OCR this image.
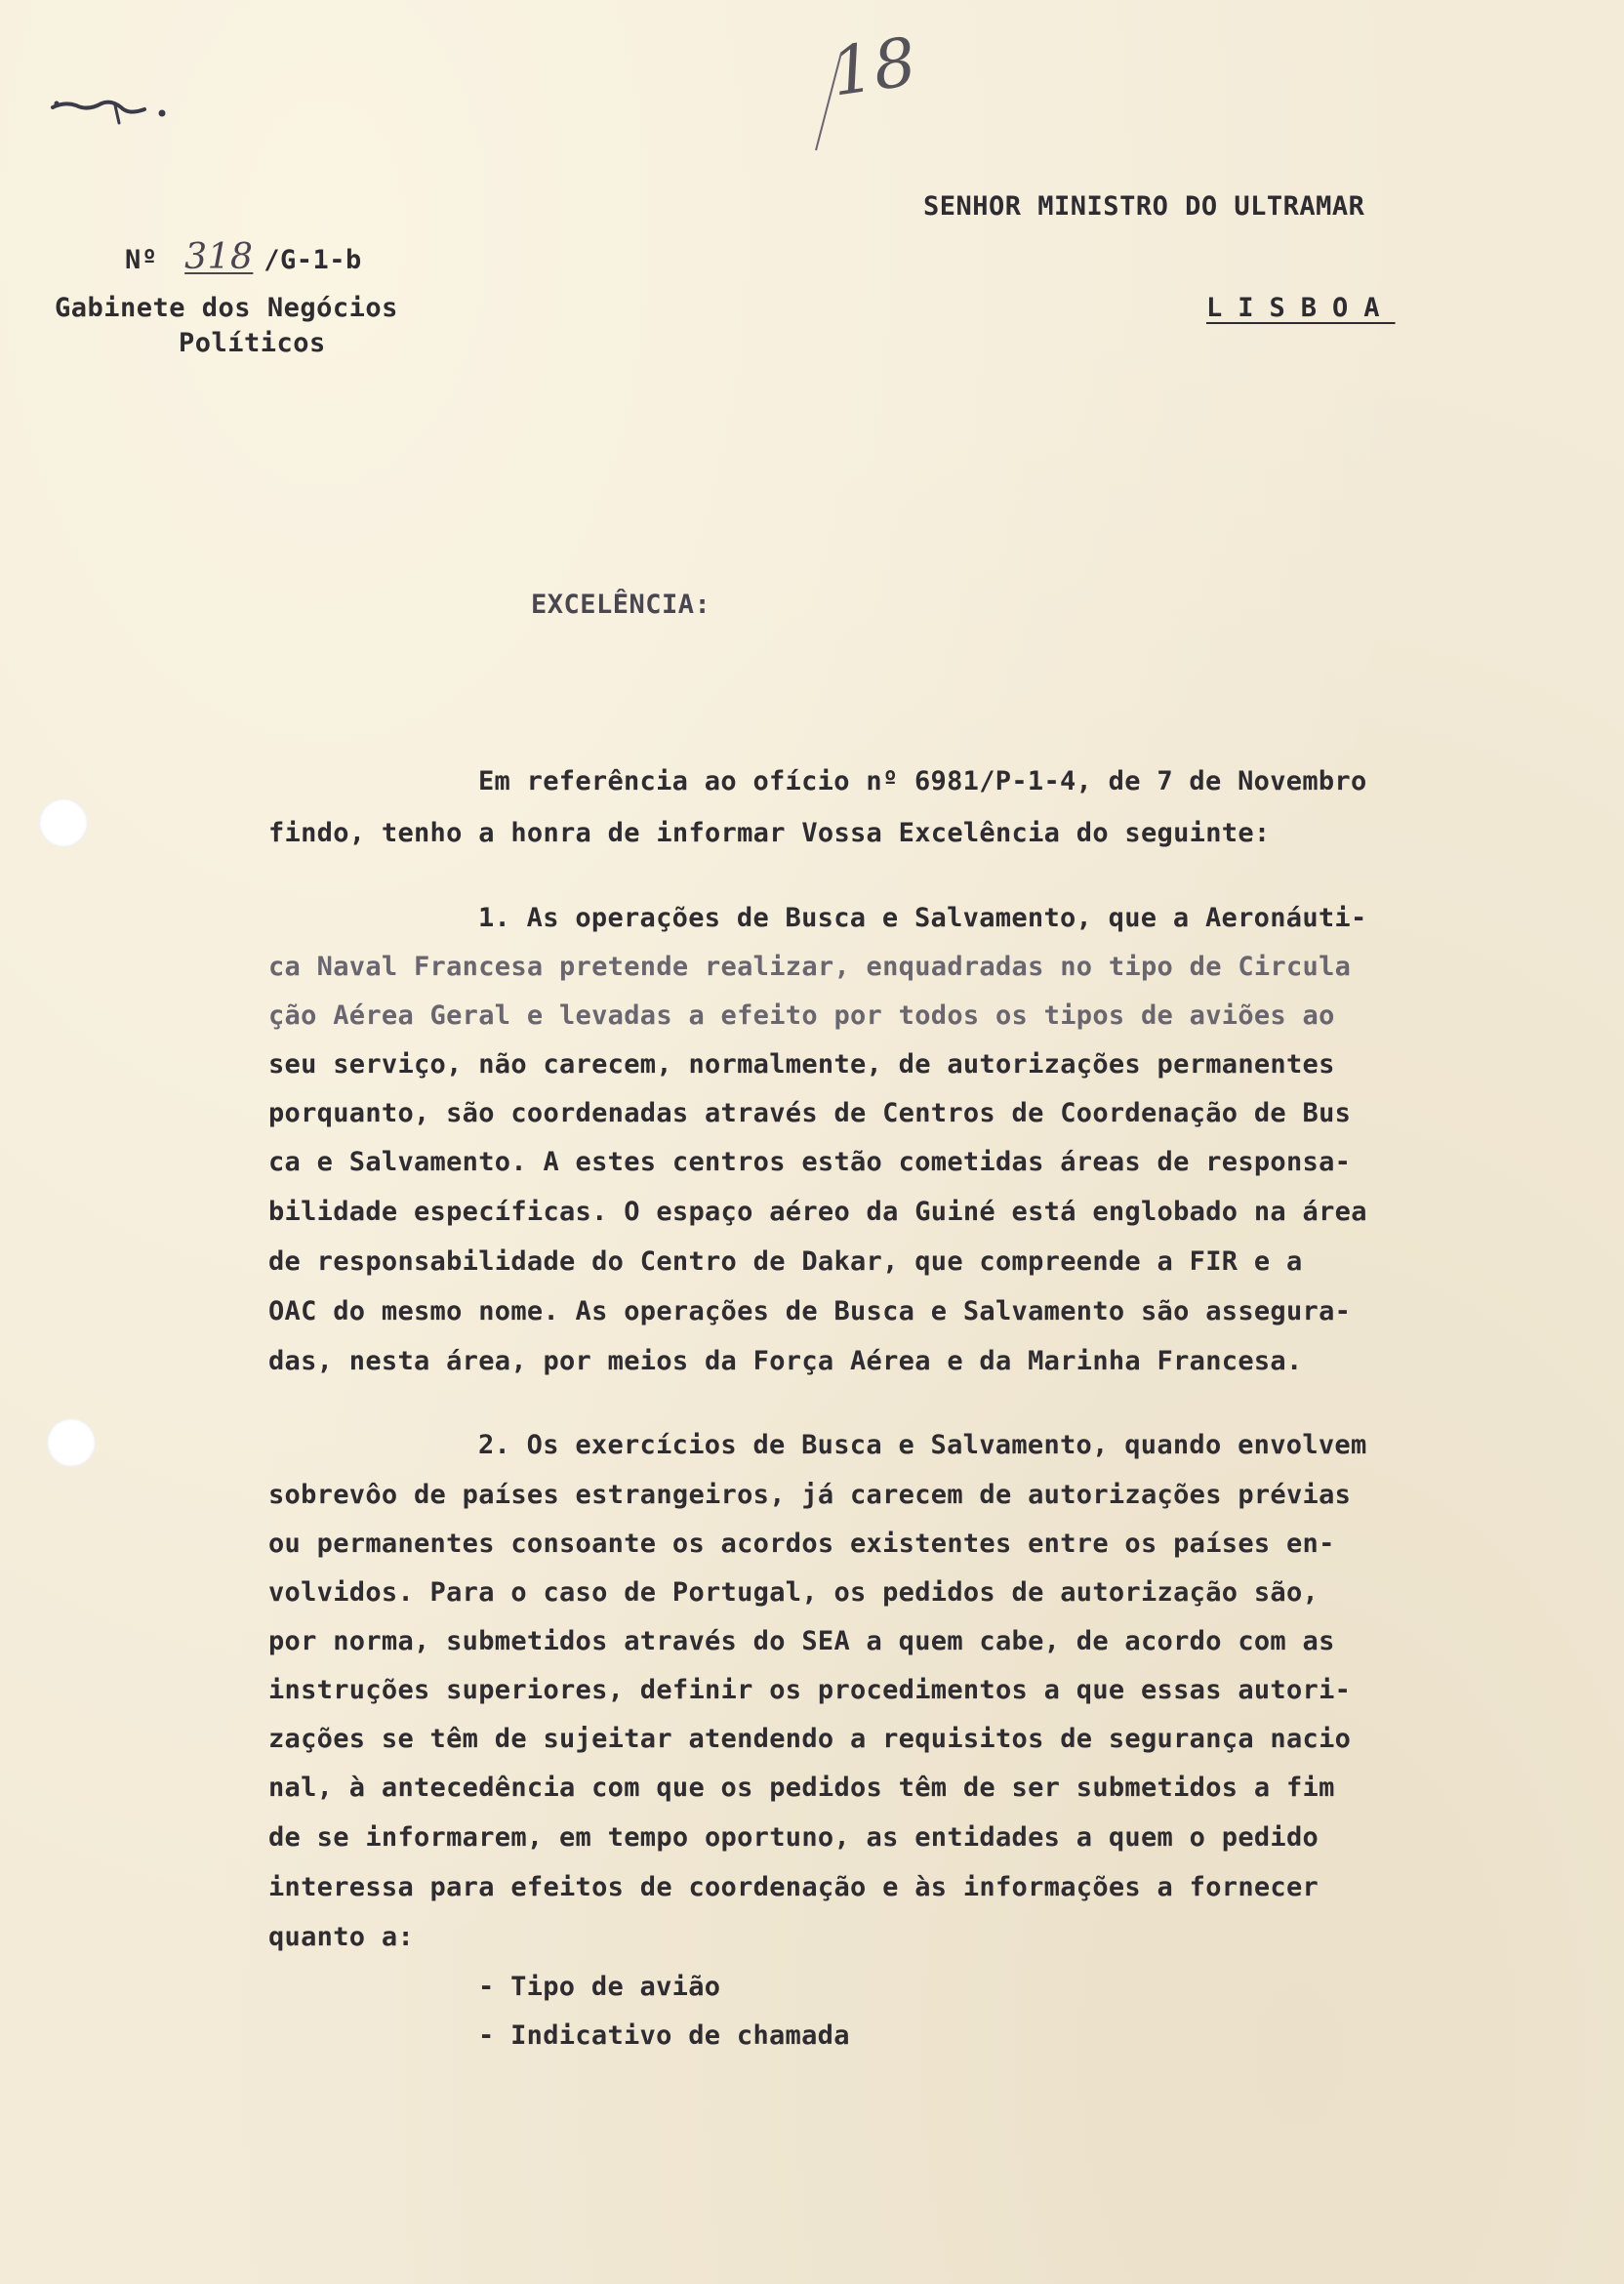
18
Nº 318 /G-1-b
Gabinete dos Negócios
Políticos
SENHOR MINISTRO DO ULTRAMAR
LISBOA
EXCELÊNCIA:
Em referência ao ofício nº 6981/P-1-4, de 7 de Novembro
findo, tenho a honra de informar Vossa Excelência do seguinte:
1. As operações de Busca e Salvamento, que a Aeronáuti-
ca Naval Francesa pretende realizar, enquadradas no tipo de Circula
ção Aérea Geral e levadas a efeito por todos os tipos de aviões ao
seu serviço, não carecem, normalmente, de autorizações permanentes
porquanto, são coordenadas através de Centros de Coordenação de Bus
ca e Salvamento. A estes centros estão cometidas áreas de responsa-
bilidade específicas. O espaço aéreo da Guiné está englobado na área
de responsabilidade do Centro de Dakar, que compreende a FIR e a
OAC do mesmo nome. As operações de Busca e Salvamento são assegura-
das, nesta área, por meios da Força Aérea e da Marinha Francesa.
2. Os exercícios de Busca e Salvamento, quando envolvem
sobrevôo de países estrangeiros, já carecem de autorizações prévias
ou permanentes consoante os acordos existentes entre os países en-
volvidos. Para o caso de Portugal, os pedidos de autorização são,
por norma, submetidos através do SEA a quem cabe, de acordo com as
instruções superiores, definir os procedimentos a que essas autori-
zações se têm de sujeitar atendendo a requisitos de segurança nacio
nal, à antecedência com que os pedidos têm de ser submetidos a fim
de se informarem, em tempo oportuno, as entidades a quem o pedido
interessa para efeitos de coordenação e às informações a fornecer
quanto a:
- Tipo de avião
- Indicativo de chamada
